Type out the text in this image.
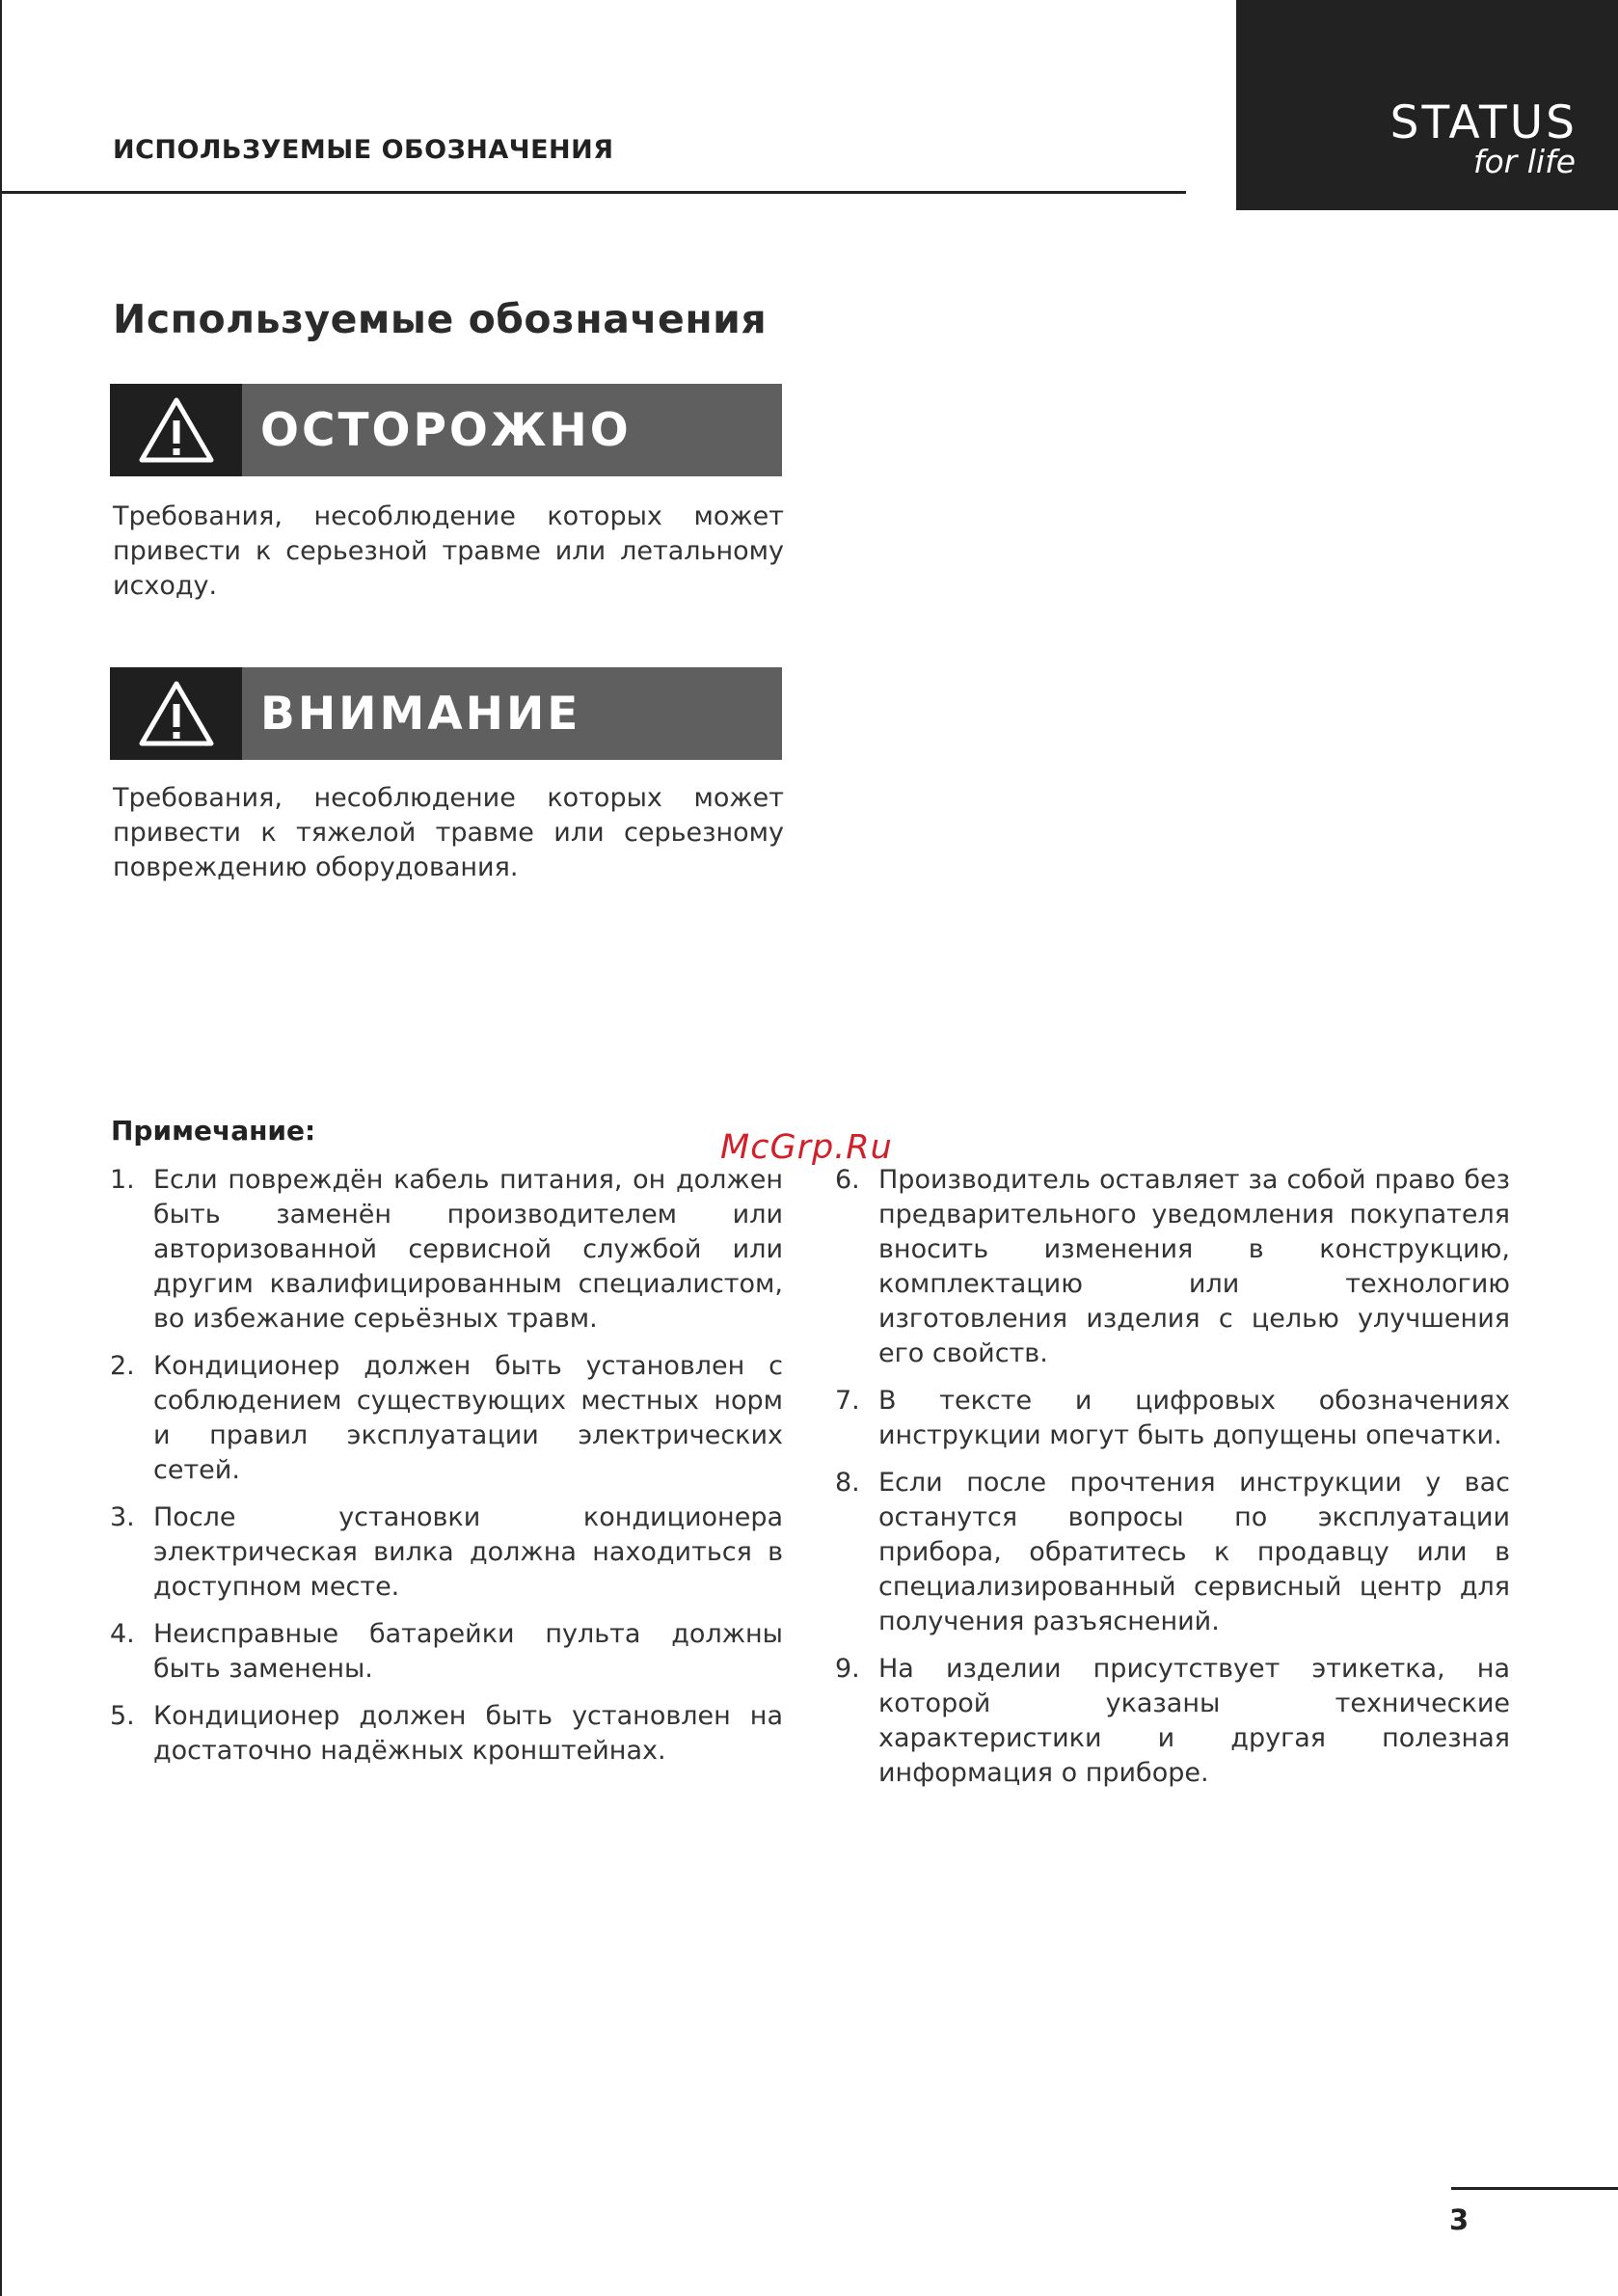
ИСПОЛЬЗУЕМЫЕ ОБОЗНАЧЕНИЯ
STATUS
for life
Используемые обозначения
ОСТОРОЖНО
Требования, несоблюдение которых может привести к серьезной травме или летальному исходу.
ВНИМАНИЕ
Требования, несоблюдение которых может привести к тяжелой травме или серьезному повреждению оборудования.
Примечание:	McGrp.Ru
1. Если повреждён кабель питания, он должен быть заменён производителем или авторизованной сервисной службой или другим квалифицированным специалистом, во избежание серьёзных травм.
2. Кондиционер должен быть установлен с соблюдением существующих местных норм и правил эксплуатации электрических сетей.
3. После установки кондиционера электрическая вилка должна находиться в доступном месте.
4. Неисправные батарейки пульта должны быть заменены.
5. Кондиционер должен быть установлен на достаточно надёжных кронштейнах.
6. Производитель оставляет за собой право без предварительного уведомления покупателя вносить изменения в конструкцию, комплектацию или технологию изготовления изделия с целью улучшения его свойств.
7. В тексте и цифровых обозначениях инструкции могут быть допущены опечатки.
8. Если после прочтения инструкции у вас останутся вопросы по эксплуатации прибора, обратитесь к продавцу или в специализированный сервисный центр для получения разъяснений.
9. На изделии присутствует этикетка, на которой указаны технические характеристики и другая полезная информация о приборе.
3
